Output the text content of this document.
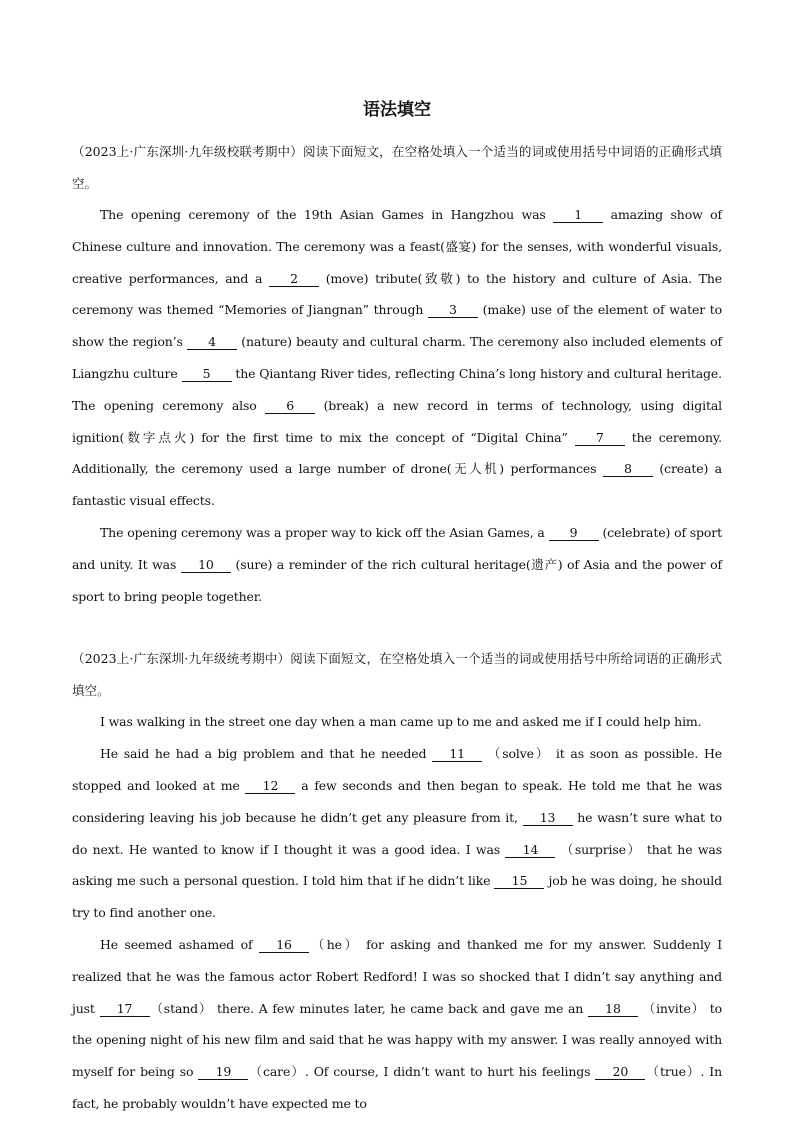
语法填空

（2023上·广东深圳·九年级校联考期中）阅读下面短文，在空格处填入一个适当的词或使用括号中词语的正确形式填空。

The opening ceremony of the 19th Asian Games in Hangzhou was 1 amazing show of Chinese culture and innovation. The ceremony was a feast(盛宴) for the senses, with wonderful visuals, creative performances, and a 2 (move) tribute(致敬) to the history and culture of Asia. The ceremony was themed “Memories of Jiangnan” through 3 (make) use of the element of water to show the region’s 4 (nature) beauty and cultural charm. The ceremony also included elements of Liangzhu culture 5 the Qiantang River tides, reflecting China’s long history and cultural heritage. The opening ceremony also 6 (break) a new record in terms of technology, using digital ignition(数字点火) for the first time to mix the concept of “Digital China” 7 the ceremony. Additionally, the ceremony used a large number of drone(无人机) performances 8 (create) a fantastic visual effects.

The opening ceremony was a proper way to kick off the Asian Games, a 9 (celebrate) of sport and unity. It was 10 (sure) a reminder of the rich cultural heritage(遗产) of Asia and the power of sport to bring people together.

（2023上·广东深圳·九年级统考期中）阅读下面短文，在空格处填入一个适当的词或使用括号中所给词语的正确形式填空。

I was walking in the street one day when a man came up to me and asked me if I could help him.

He said he had a big problem and that he needed 11 （solve） it as soon as possible. He stopped and looked at me 12 a few seconds and then began to speak. He told me that he was considering leaving his job because he didn’t get any pleasure from it, 13 he wasn’t sure what to do next. He wanted to know if I thought it was a good idea. I was 14 （surprise） that he was asking me such a personal question. I told him that if he didn’t like 15 job he was doing, he should try to find another one.

He seemed ashamed of 16 （he） for asking and thanked me for my answer. Suddenly I realized that he was the famous actor Robert Redford! I was so shocked that I didn’t say anything and just 17 （stand） there. A few minutes later, he came back and gave me an 18 （invite） to the opening night of his new film and said that he was happy with my answer. I was really annoyed with myself for being so 19 （care）. Of course, I didn’t want to hurt his feelings 20 （true）. In fact, he probably wouldn’t have expected me to
